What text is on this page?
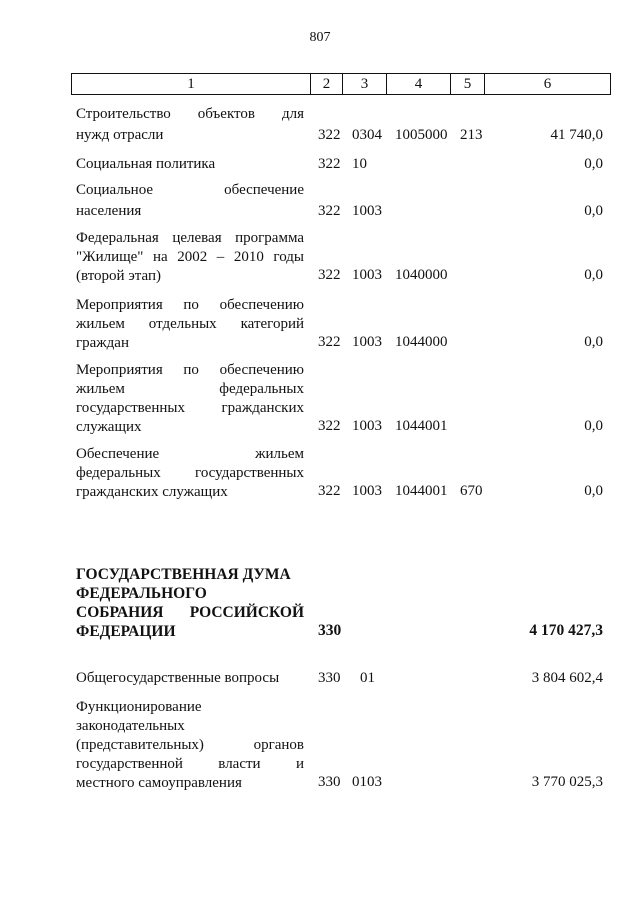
807
1	2	3	4	5	6
Строительство объектов для
нужд отрасли	322 0304 1005000 213	41 740,0
Социальная политика	322 10	0,0
Социальное обеспечение
населения	322 1003	0,0
Федеральная целевая программа
"Жилище" на 2002 – 2010 годы
(второй этап)	322 1003 1040000	0,0
Мероприятия по обеспечению
жильем отдельных категорий
граждан	322 1003 1044000	0,0
Мероприятия по обеспечению
жильем федеральных
государственных гражданских
служащих	322 1003 1044001	0,0
Обеспечение жильем
федеральных государственных
гражданских служащих	322 1003 1044001 670	0,0
ГОСУДАРСТВЕННАЯ ДУМА
ФЕДЕРАЛЬНОГО
СОБРАНИЯ РОССИЙСКОЙ
ФЕДЕРАЦИИ	330	4 170 427,3
Общегосударственные вопросы	330 01	3 804 602,4
Функционирование
законодательных
(представительных) органов
государственной власти и
местного самоуправления	330 0103	3 770 025,3
